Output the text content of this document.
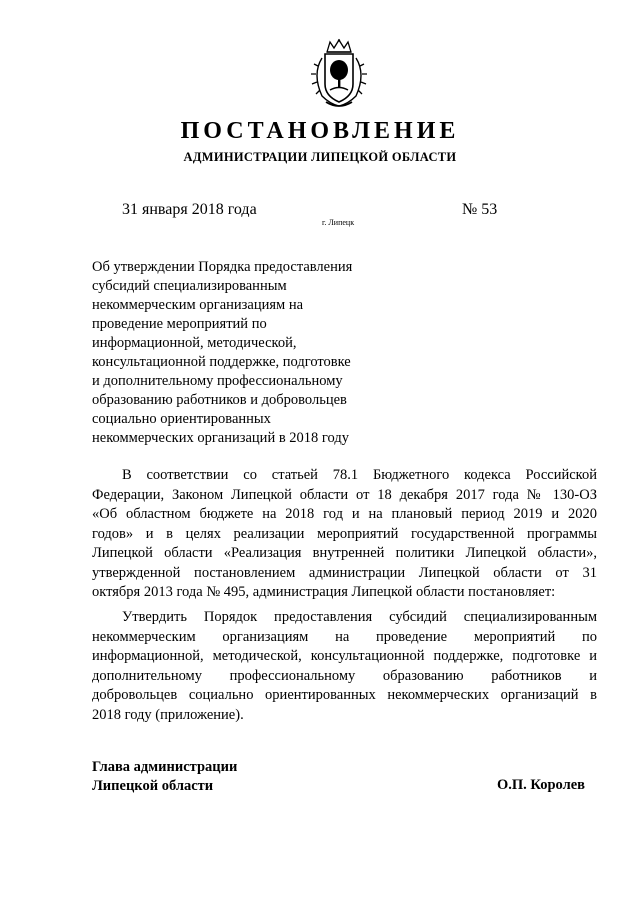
ПОСТАНОВЛЕНИЕ
АДМИНИСТРАЦИИ ЛИПЕЦКОЙ ОБЛАСТИ
31 января 2018 года
г. Липецк
№ 53
Об утверждении Порядка предоставления
субсидий специализированным
некоммерческим организациям на
проведение мероприятий по
информационной, методической,
консультационной поддержке, подготовке
и дополнительному профессиональному
образованию работников и добровольцев
социально ориентированных
некоммерческих организаций в 2018 году
В соответствии со статьей 78.1 Бюджетного кодекса Российской
Федерации, Законом Липецкой области от 18 декабря 2017 года № 130-ОЗ
«Об областном бюджете на 2018 год и на плановый период 2019 и 2020
годов» и в целях реализации мероприятий государственной программы
Липецкой области «Реализация внутренней политики Липецкой области»,
утвержденной постановлением администрации Липецкой области от 31
октября 2013 года № 495, администрация Липецкой области постановляет:
Утвердить Порядок предоставления субсидий специализированным
некоммерческим организациям на проведение мероприятий по
информационной, методической, консультационной поддержке, подготовке и
дополнительному профессиональному образованию работников и
добровольцев социально ориентированных некоммерческих организаций в
2018 году (приложение).
Глава администрации
Липецкой области	О.П. Королев
